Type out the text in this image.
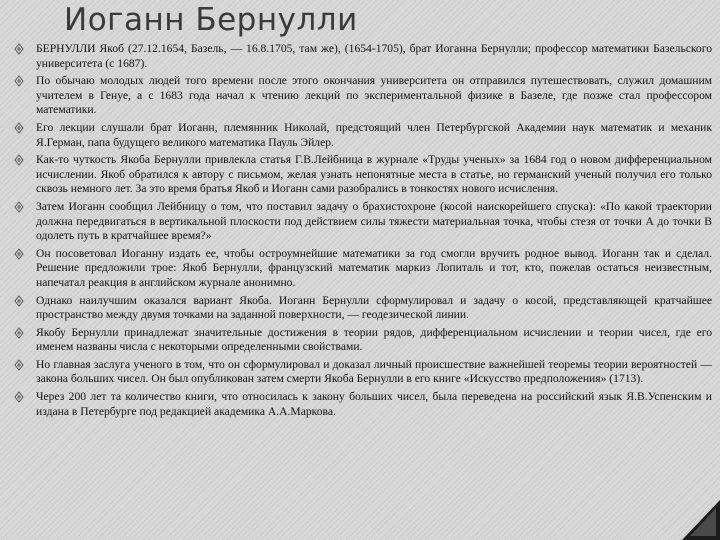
Иоганн Бернулли
БЕРНУЛЛИ Якоб (27.12.1654, Базель, — 16.8.1705, там же), (1654-1705), брат Иоганна Бернулли; профессор математики Базельского университета (с 1687).
По обычаю молодых людей того времени после этого окончания университета он отправился путешествовать, служил домашним учителем в Генуе, а с 1683 года начал к чтению лекций по экспериментальной физике в Базеле, где позже стал профессором математики.
Его лекции слушали брат Иоганн, племянник Николай, предстоящий член Петербургской Академии наук математик и механик Я.Герман, папа будущего великого математика Пауль Эйлер.
Как-то чуткость Якоба Бернулли привлекла статья Г.В.Лейбница в журнале «Труды ученых» за 1684 год о новом дифференциальном исчислении. Якоб обратился к автору с письмом, желая узнать непонятные места в статье, но германский ученый получил его только сквозь немного лет. За это время братья Якоб и Иоганн сами разобрались в тонкостях нового исчисления.
Затем Иоганн сообщил Лейбницу о том, что поставил задачу о брахистохроне (косой наискорейшего спуска): «По какой траектории должна передвигаться в вертикальной плоскости под действием силы тяжести материальная точка, чтобы стезя от точки А до точки В одолеть путь в кратчайшее время?»
Он посоветовал Иоганну издать ее, чтобы остроумнейшие математики за год смогли вручить родное вывод. Иоганн так и сделал. Решение предложили трое: Якоб Бернулли, французский математик маркиз Лопиталь и тот, кто, пожелав остаться неизвестным, напечатал реакция в английском журнале анонимно.
Однако наилучшим оказался вариант Якоба. Иоганн Бернулли сформулировал и задачу о косой, представляющей кратчайшее пространство между двумя точками на заданной поверхности, — геодезической линии.
Якобу Бернулли принадлежат значительные достижения в теории рядов, дифференциальном исчислении и теории чисел, где его именем названы числа с некоторыми определенными свойствами.
Но главная заслуга ученого в том, что он сформулировал и доказал личный происшествие важнейшей теоремы теории вероятностей — закона больших чисел. Он был опубликован затем смерти Якоба Бернулли в его книге «Искусство предположения» (1713).
Через 200 лет та количество книги, что относилась к закону больших чисел, была переведена на российский язык Я.В.Успенским и издана в Петербурге под редакцией академика А.А.Маркова.
